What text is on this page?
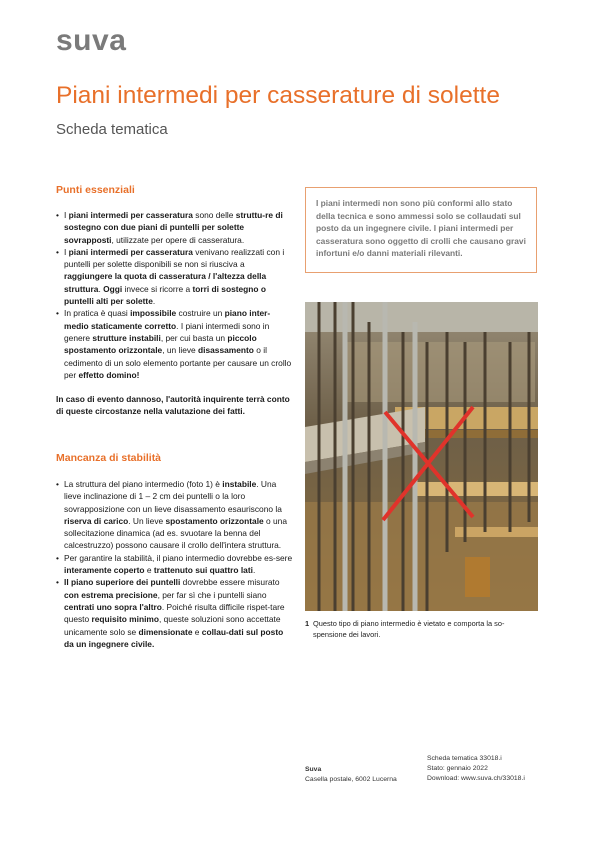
suva
Piani intermedi per casserature di solette
Scheda tematica
Punti essenziali
• I piani intermedi per casseratura sono delle struttu-re di sostegno con due piani di puntelli per solette sovrapposti, utilizzate per opere di casseratura.
• I piani intermedi per casseratura venivano realizzati con i puntelli per solette disponibili se non si riusciva a raggiungere la quota di casseratura / l'altezza della struttura. Oggi invece si ricorre a torri di sostegno o puntelli alti per solette.
• In pratica è quasi impossibile costruire un piano inter-medio staticamente corretto. I piani intermedi sono in genere strutture instabili, per cui basta un piccolo spostamento orizzontale, un lieve disassamento o il cedimento di un solo elemento portante per causare un crollo per effetto domino!
In caso di evento dannoso, l'autorità inquirente terrà conto di queste circostanze nella valutazione dei fatti.
Mancanza di stabilità
• La struttura del piano intermedio (foto 1) è instabile. Una lieve inclinazione di 1 – 2 cm dei puntelli o la loro sovrapposizione con un lieve disassamento esauriscono la riserva di carico. Un lieve spostamento orizzontale o una sollecitazione dinamica (ad es. svuotare la benna del calcestruzzo) possono causare il crollo dell'intera struttura.
• Per garantire la stabilità, il piano intermedio dovrebbe es-sere interamente coperto e trattenuto sui quattro lati.
• Il piano superiore dei puntelli dovrebbe essere misurato con estrema precisione, per far sì che i puntelli siano centrati uno sopra l'altro. Poiché risulta difficile rispet-tare questo requisito minimo, queste soluzioni sono accettate unicamente solo se dimensionate e collau-dati sul posto da un ingegnere civile.
I piani intermedi non sono più conformi allo stato della tecnica e sono ammessi solo se collaudati sul posto da un ingegnere civile. I piani intermedi per casseratura sono oggetto di crolli che causano gravi infortuni e/o danni materiali rilevanti.
1 Questo tipo di piano intermedio è vietato e comporta la so-spensione dei lavori.
Suva
Casella postale, 6002 Lucerna
Scheda tematica 33018.i
Stato: gennaio 2022
Download: www.suva.ch/33018.i
